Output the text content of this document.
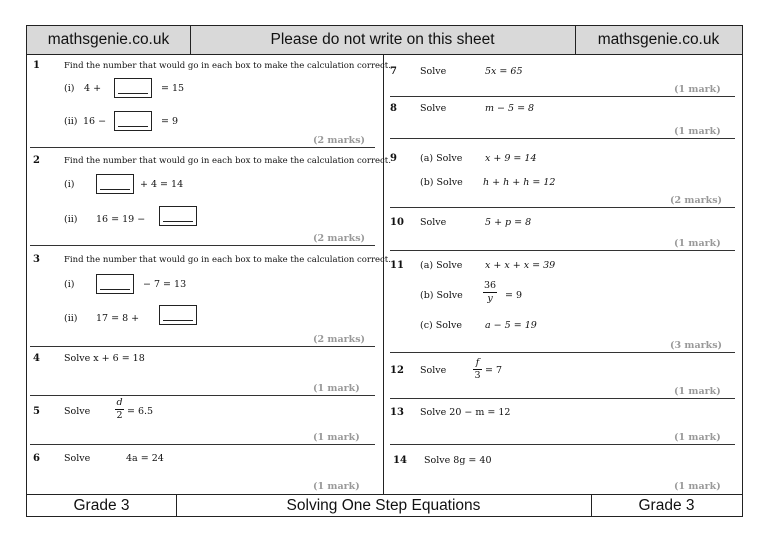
mathsgenie.co.uk	Please do not write on this sheet	mathsgenie.co.uk
Grade 3	Solving One Step Equations	Grade 3
1	Find the number that would go in each box to make the calculation correct.
(i) 4 +	= 15
(ii) 16 −	= 9
(2 marks)
2	Find the number that would go in each box to make the calculation correct.
(i)	+ 4 = 14
(ii) 16 = 19 −
(2 marks)
3	Find the number that would go in each box to make the calculation correct.
(i)	− 7 = 13
(ii) 17 = 8 +
(2 marks)
4	Solve x + 6 = 18
(1 mark)
5	Solve
d
2 = 6.5
(1 mark)
6	Solve	4a = 24
(1 mark)
7 Solve	5x = 65
(1 mark)
8 Solve	m − 5 = 8
(1 mark)
9 (a) Solve x + 9 = 14
(b) Solve h + h + h = 12
(2 marks)
10 Solve	5 + p = 8
(1 mark)
11 (a) Solve x + x + x = 39
(b) Solve
36
y	= 9
(c) Solve a − 5 = 19
(3 marks)
12 Solve
f
3 = 7
(1 mark)
13 Solve 20 − m = 12
(1 mark)
14 Solve 8g = 40
(1 mark)
